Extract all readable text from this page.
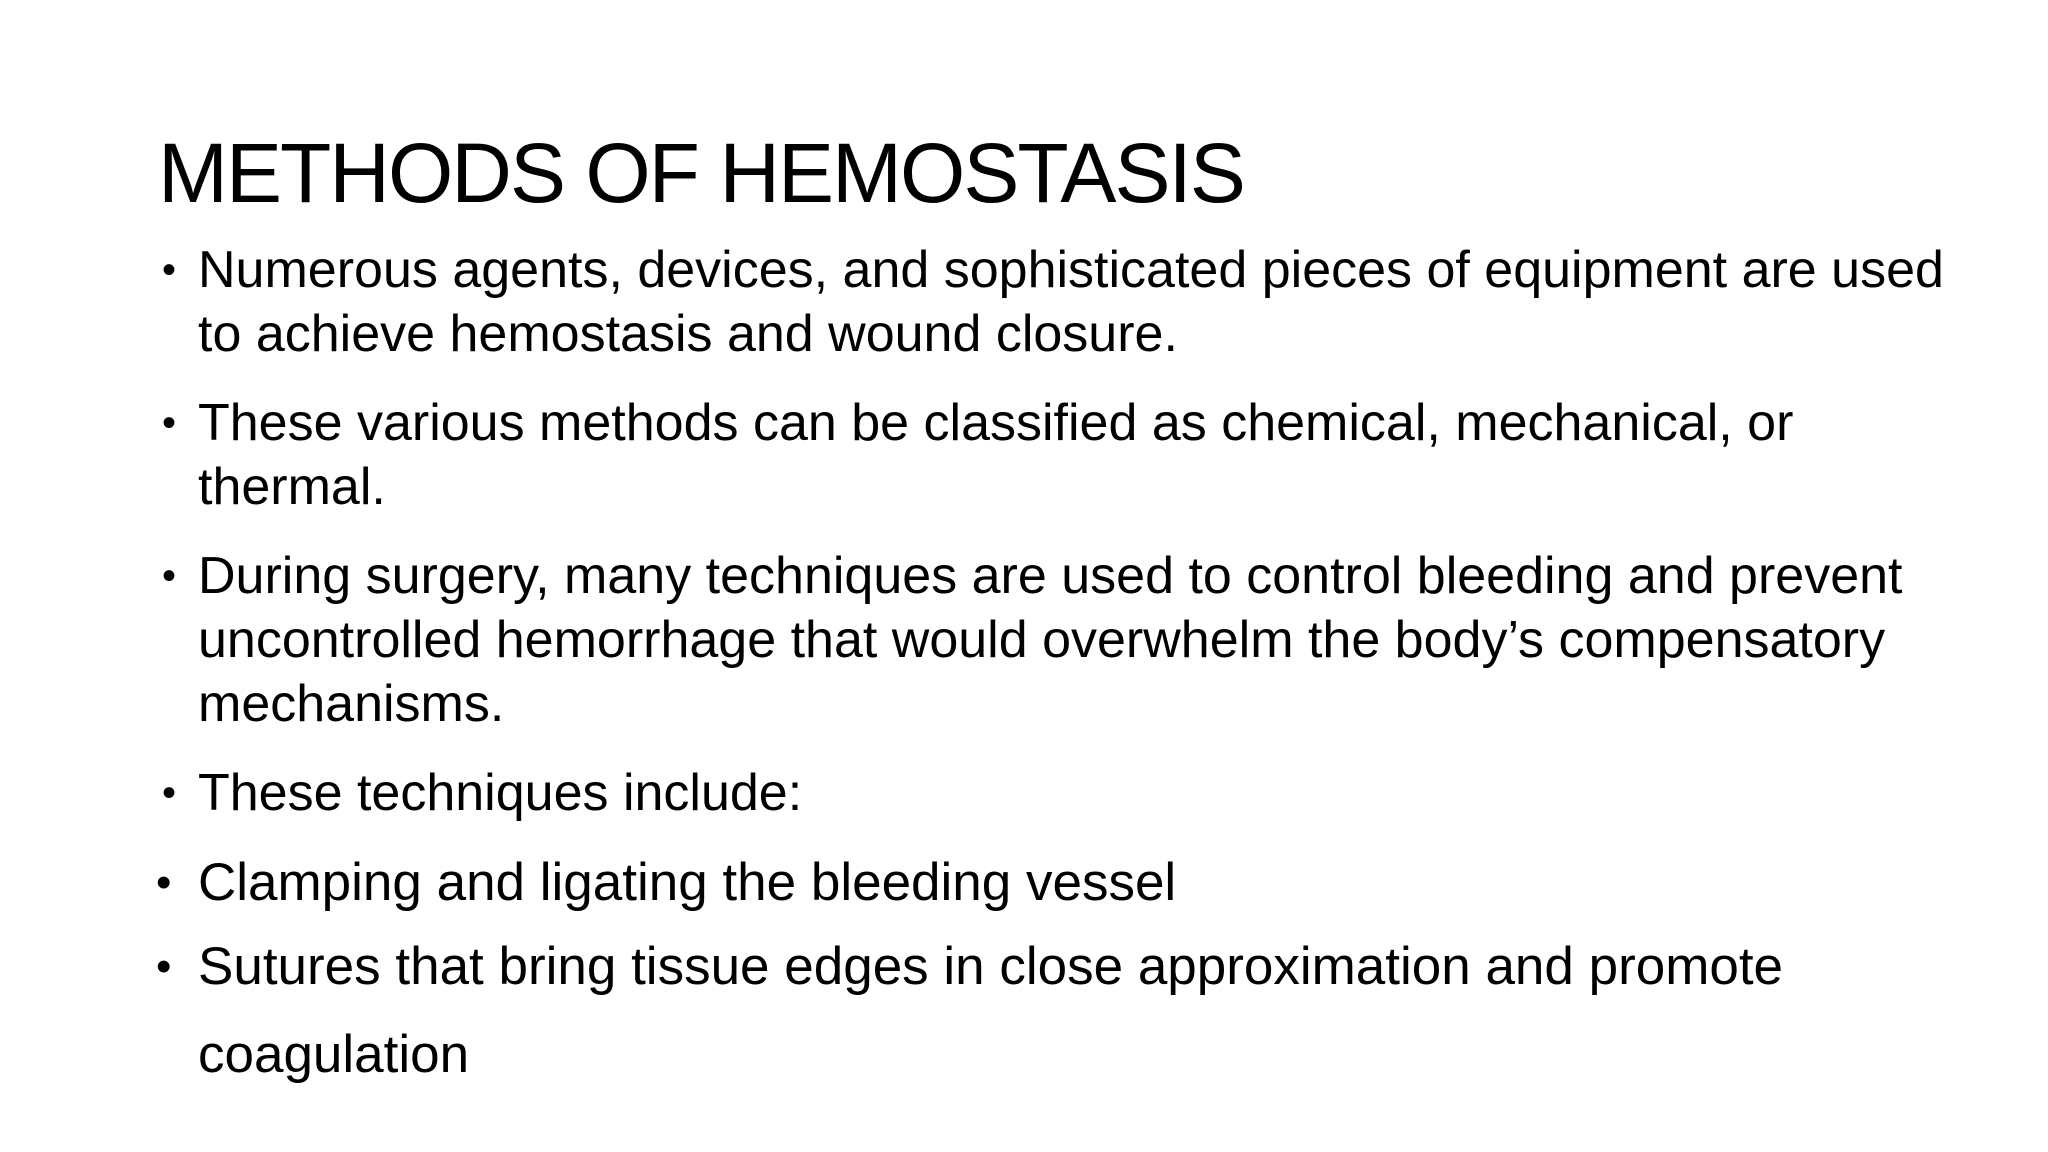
METHODS OF HEMOSTASIS
• Numerous agents, devices, and sophisticated pieces of equipment are used to achieve hemostasis and wound closure.
• These various methods can be classified as chemical, mechanical, or thermal.
• During surgery, many techniques are used to control bleeding and prevent uncontrolled hemorrhage that would overwhelm the body’s compensatory mechanisms.
• These techniques include:
• Clamping and ligating the bleeding vessel
• Sutures that bring tissue edges in close approximation and promote coagulation
